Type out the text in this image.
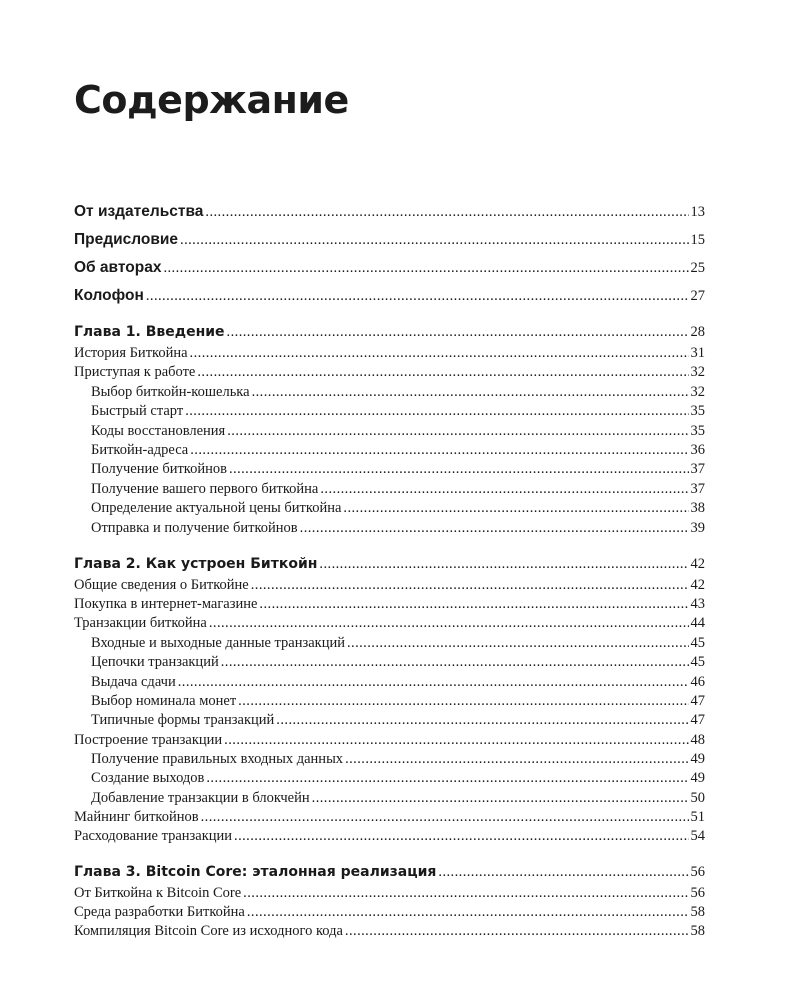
Содержание
От издательства . . .	13
Предисловие . . .	15
Об авторах . . .	25
Колофон . . .	27
Глава 1. Введение . . .	28
История Биткойна . . .	31
Приступая к работе . . .	32
Выбор биткойн-кошелька . . .	32
Быстрый старт . . .	35
Коды восстановления . . .	35
Биткойн-адреса . . .	36
Получение биткойнов . . .	37
Получение вашего первого биткойна . . .	37
Определение актуальной цены биткойна . . .	38
Отправка и получение биткойнов . . .	39
Глава 2. Как устроен Биткойн . . .	42
Общие сведения о Биткойне . . .	42
Покупка в интернет-магазине . . .	43
Транзакции биткойна . . .	44
Входные и выходные данные транзакций . . .	45
Цепочки транзакций . . .	45
Выдача сдачи . . .	46
Выбор номинала монет . . .	47
Типичные формы транзакций . . .	47
Построение транзакции . . .	48
Получение правильных входных данных . . .	49
Создание выходов . . .	49
Добавление транзакции в блокчейн . . .	50
Майнинг биткойнов . . .	51
Расходование транзакции . . .	54
Глава 3. Bitcoin Core: эталонная реализация . . .	56
От Биткойна к Bitcoin Core . . .	56
Среда разработки Биткойна . . .	58
Компиляция Bitcoin Core из исходного кода . . .	58
